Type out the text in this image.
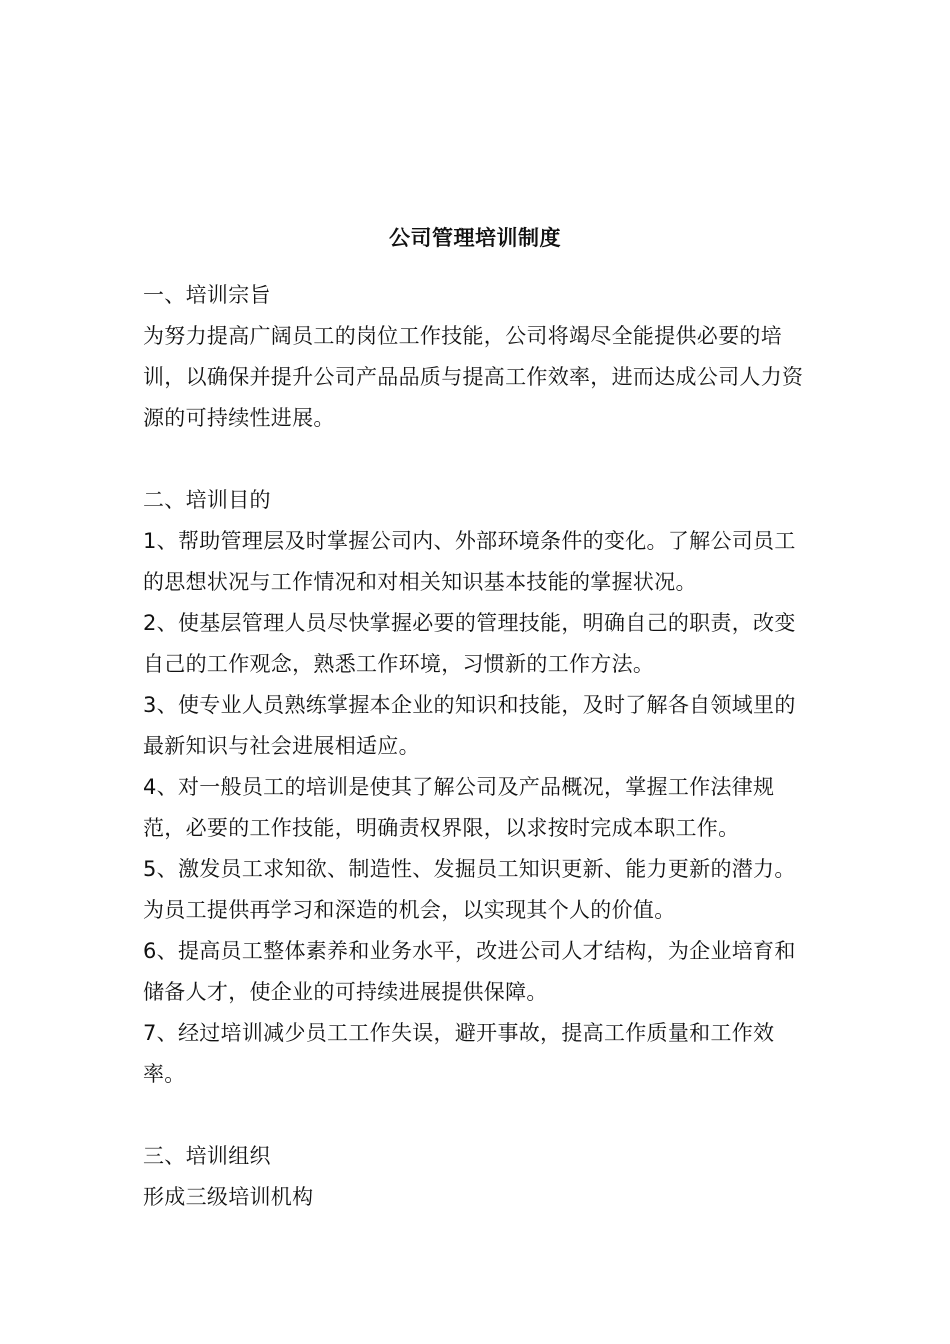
公司管理培训制度
一、培训宗旨

为努力提高广阔员工的岗位工作技能，公司将竭尽全能提供必要的培训，以确保并提升公司产品品质与提高工作效率，进而达成公司人力资源的可持续性进展。

二、培训目的

1、帮助管理层及时掌握公司内、外部环境条件的变化。了解公司员工的思想状况与工作情况和对相关知识基本技能的掌握状况。

2、使基层管理人员尽快掌握必要的管理技能，明确自己的职责，改变自己的工作观念，熟悉工作环境，习惯新的工作方法。

3、使专业人员熟练掌握本企业的知识和技能，及时了解各自领域里的最新知识与社会进展相适应。

4、对一般员工的培训是使其了解公司及产品概况，掌握工作法律规范，必要的工作技能，明确责权界限，以求按时完成本职工作。

5、激发员工求知欲、制造性、发掘员工知识更新、能力更新的潜力。为员工提供再学习和深造的机会，以实现其个人的价值。

6、提高员工整体素养和业务水平，改进公司人才结构，为企业培育和储备人才，使企业的可持续进展提供保障。

7、经过培训减少员工工作失误，避开事故，提高工作质量和工作效率。

三、培训组织

形成三级培训机构
